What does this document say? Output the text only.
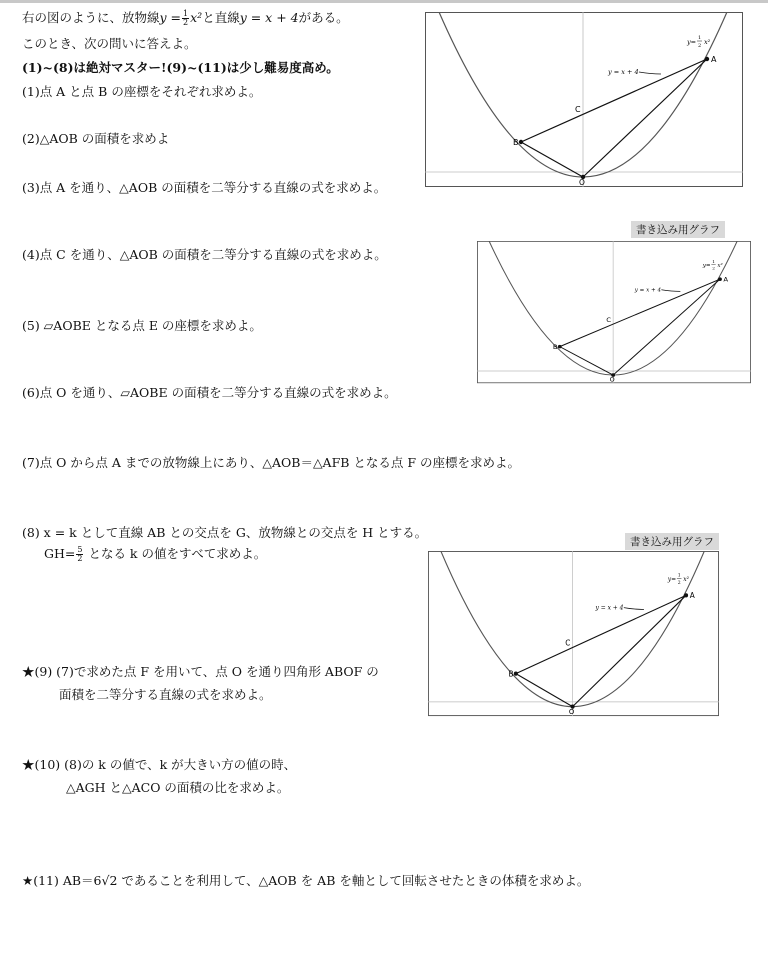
右の図のように、放物線$y = \frac{1}{2} x^2$と直線y = x + 4がある。
このとき、次の問いに答えよ。
(1)~(8)は絶対マスター!(9)~(11)は少し難易度高め。
(1)点 A と点 B の座標をそれぞれ求めよ。
(2)△AOB の面積を求めよ
(3)点 A を通り、△AOB の面積を二等分する直線の式を求めよ。
(4)点 C を通り、△AOB の面積を二等分する直線の式を求めよ。
(5) ▱AOBE となる点 E の座標を求めよ。
(6)点 O を通り、▱AOBE の面積を二等分する直線の式を求めよ。
(7)点 O から点 A までの放物線上にあり、△AOB＝△AFB となる点 F の座標を求めよ。
(8) x = k として直線 AB との交点を G、放物線との交点を H とする。
$GH= \frac{5}{2}$ となる k の値をすべて求めよ。
★(9) (7)で求めた点 F を用いて、点 O を通り四角形 ABOF の
面積を二等分する直線の式を求めよ。
★(10) (8)の k の値で、k が大きい方の値の時、
△AGH と△ACO の面積の比を求めよ。
★(11) AB＝6√2 であることを利用して、△AOB を AB を軸として回転させたときの体積を求めよ。
A
B
C
O
y = x + 4
y= 1
2 x²
書き込み用グラフ
A
B
C
O
y = x + 4
y=
1
2 x²
書き込み用グラフ
A
B
C
O
y = x + 4
y=
1
2
x²
